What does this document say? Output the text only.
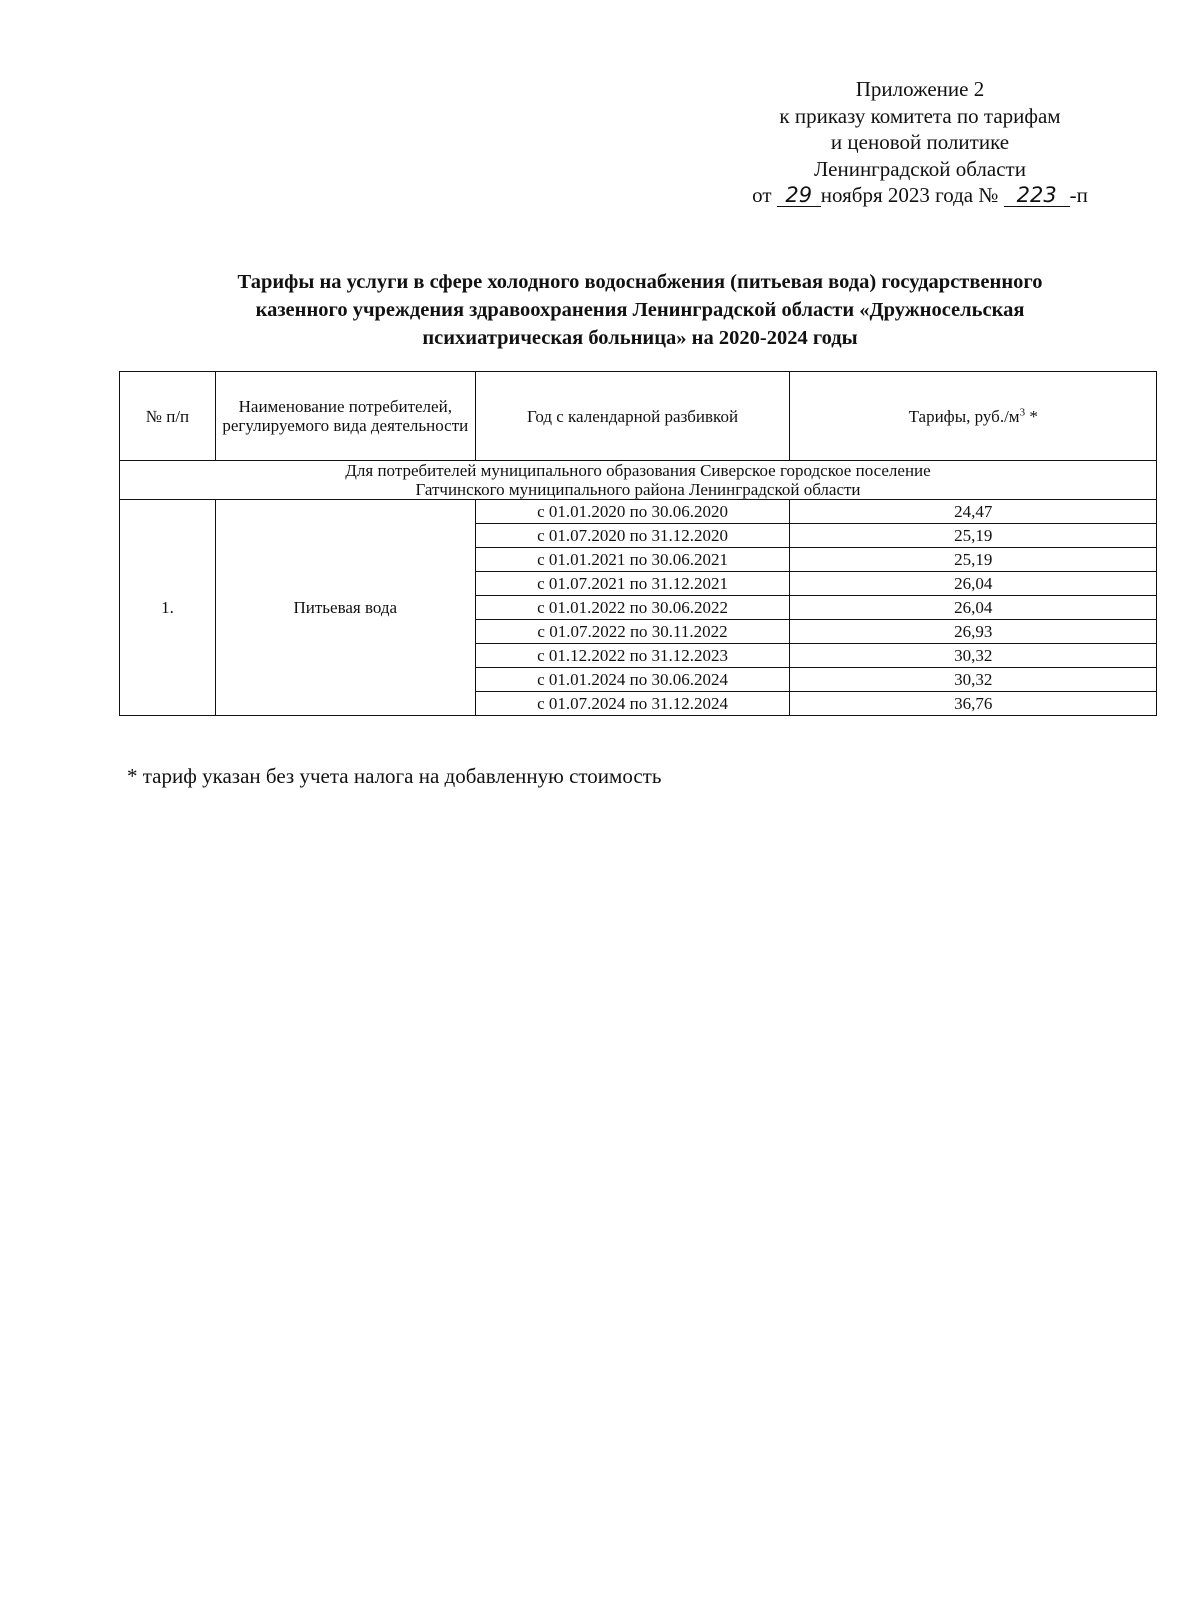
Приложение 2
к приказу комитета по тарифам
и ценовой политике
Ленинградской области
от 29 ноября 2023 года № 223 -п
Тарифы на услуги в сфере холодного водоснабжения (питьевая вода) государственного
казенного учреждения здравоохранения Ленинградской области «Дружносельская
психиатрическая больница» на 2020-2024 годы
№ п/п	Наименование потребителей, регулируемого вида деятельности	Год с календарной разбивкой	Тарифы, $руб./м^3$ *

Для потребителей муниципального образования Сиверское городское поселение
Гатчинского муниципального района Ленинградской области			

1.	Питьевая вода	с 01.01.2020 по 30.06.2020	24,47
		с 01.07.2020 по 31.12.2020	25,19
		с 01.01.2021 по 30.06.2021	25,19
		с 01.07.2021 по 31.12.2021	26,04
		с 01.01.2022 по 30.06.2022	26,04
		с 01.07.2022 по 30.11.2022	26,93
		с 01.12.2022 по 31.12.2023	30,32
		с 01.01.2024 по 30.06.2024	30,32
		с 01.07.2024 по 31.12.2024	36,76
* тариф указан без учета налога на добавленную стоимость
